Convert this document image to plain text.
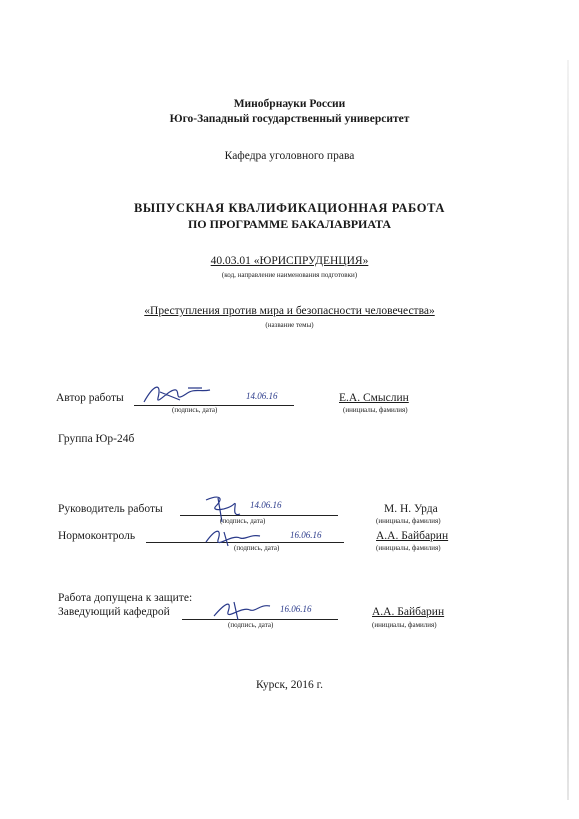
Минобрнауки России
Юго-Западный государственный университет
Кафедра уголовного права
ВЫПУСКНАЯ КВАЛИФИКАЦИОННАЯ РАБОТА
ПО ПРОГРАММЕ БАКАЛАВРИАТА
40.03.01 «ЮРИСПРУДЕНЦИЯ»
(код, направление наименования подготовки)
«Преступления против мира и безопасности человечества»
(название темы)
Автор работы	14.06.16
(подпись, дата)
Е.А. Смыслин
(инициалы, фамилия)
Группа Юр-24б
Руководитель работы	14.06.16
(подпись, дата)
М. Н. Урда
(инициалы, фамилия)
Нормоконтроль	16.06.16
(подпись, дата)
А.А. Байбарин
(инициалы, фамилия)
Работа допущена к защите:
Заведующий кафедрой	16.06.16
(подпись, дата)
А.А. Байбарин
(инициалы, фамилия)
Курск, 2016 г.
